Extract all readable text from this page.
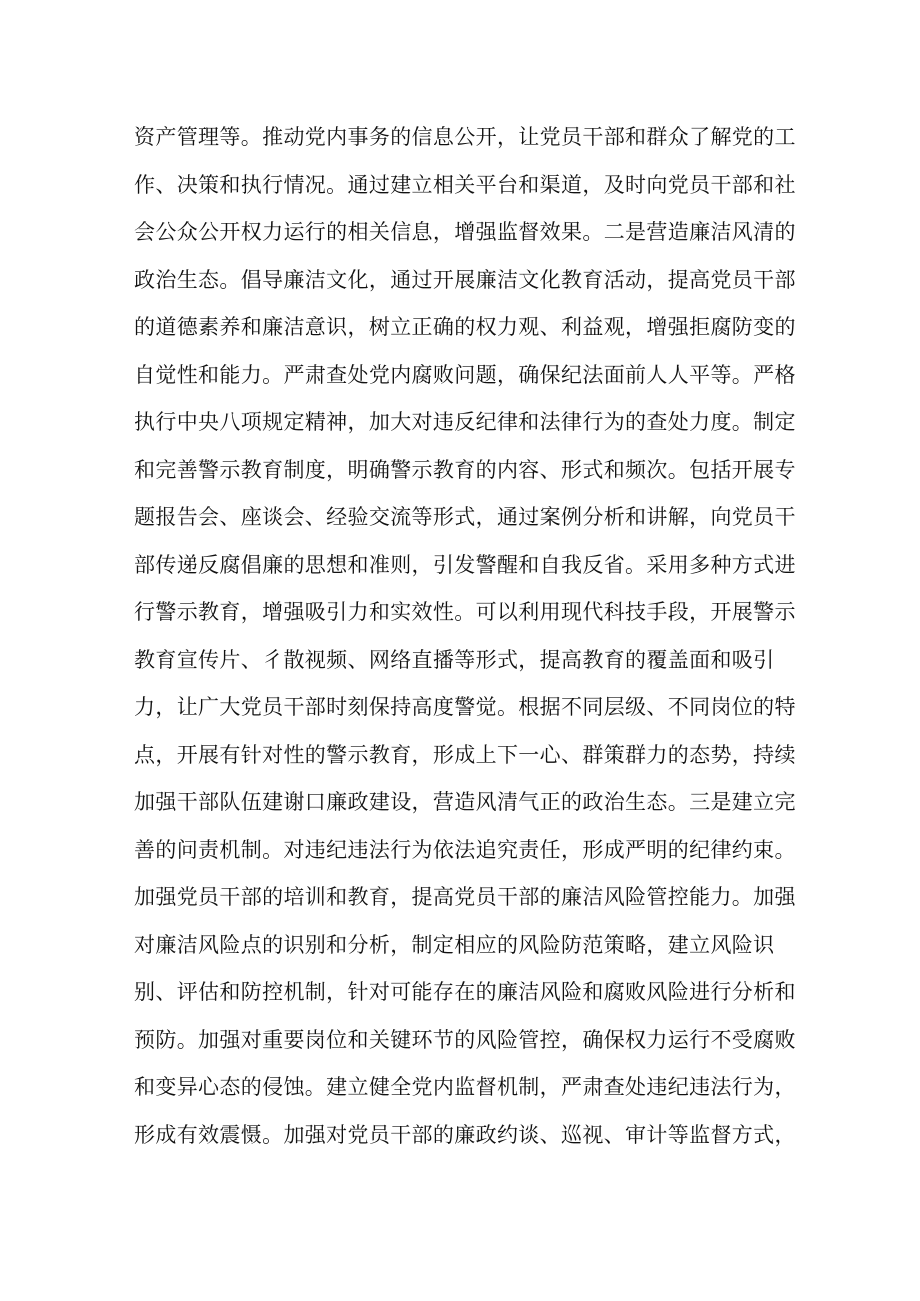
资产管理等。推动党内事务的信息公开，让党员干部和群众了解党的工
作、决策和执行情况。通过建立相关平台和渠道，及时向党员干部和社
会公众公开权力运行的相关信息，增强监督效果。二是营造廉洁风清的
政治生态。倡导廉洁文化，通过开展廉洁文化教育活动，提高党员干部
的道德素养和廉洁意识，树立正确的权力观、利益观，增强拒腐防变的
自觉性和能力。严肃查处党内腐败问题，确保纪法面前人人平等。严格
执行中央八项规定精神，加大对违反纪律和法律行为的查处力度。制定
和完善警示教育制度，明确警示教育的内容、形式和频次。包括开展专
题报告会、座谈会、经验交流等形式，通过案例分析和讲解，向党员干
部传递反腐倡廉的思想和准则，引发警醒和自我反省。采用多种方式进
行警示教育，增强吸引力和实效性。可以利用现代科技手段，开展警示
教育宣传片、彳散视频、网络直播等形式，提高教育的覆盖面和吸引
力，让广大党员干部时刻保持高度警觉。根据不同层级、不同岗位的特
点，开展有针对性的警示教育，形成上下一心、群策群力的态势，持续
加强干部队伍建谢口廉政建设，营造风清气正的政治生态。三是建立完
善的问责机制。对违纪违法行为依法追究责任，形成严明的纪律约束。
加强党员干部的培训和教育，提高党员干部的廉洁风险管控能力。加强
对廉洁风险点的识别和分析，制定相应的风险防范策略，建立风险识
别、评估和防控机制，针对可能存在的廉洁风险和腐败风险进行分析和
预防。加强对重要岗位和关键环节的风险管控，确保权力运行不受腐败
和变异心态的侵蚀。建立健全党内监督机制，严肃查处违纪违法行为，
形成有效震慑。加强对党员干部的廉政约谈、巡视、审计等监督方式，
